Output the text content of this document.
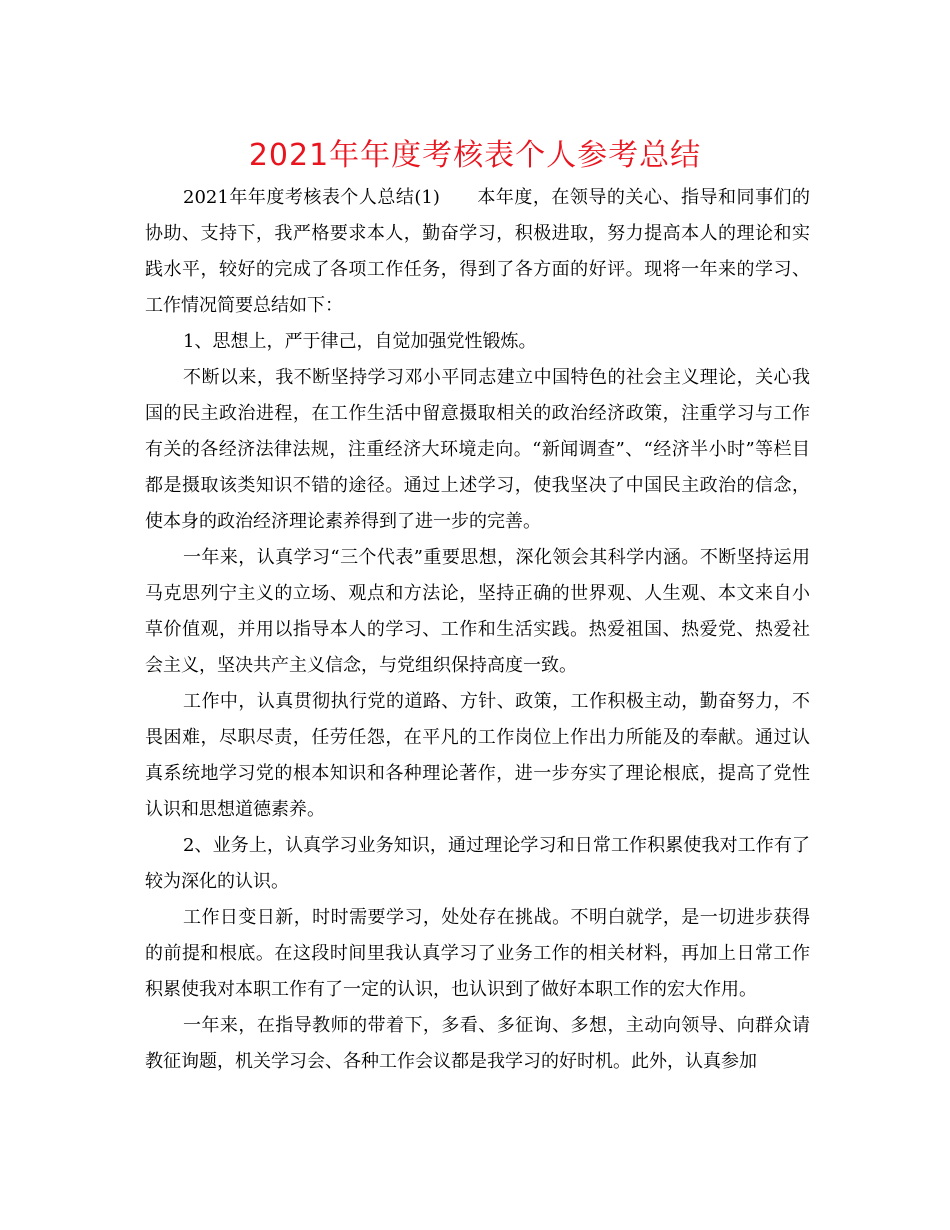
2021年年度考核表个人参考总结

2021年年度考核表个人总结(1)　　本年度，在领导的关心、指导和同事们的协助、支持下，我严格要求本人，勤奋学习，积极进取，努力提高本人的理论和实践水平，较好的完成了各项工作任务，得到了各方面的好评。现将一年来的学习、工作情况简要总结如下：

1、思想上，严于律己，自觉加强党性锻炼。

不断以来，我不断坚持学习邓小平同志建立中国特色的社会主义理论，关心我国的民主政治进程，在工作生活中留意摄取相关的政治经济政策，注重学习与工作有关的各经济法律法规，注重经济大环境走向。“新闻调查”、“经济半小时”等栏目都是摄取该类知识不错的途径。通过上述学习，使我坚决了中国民主政治的信念，使本身的政治经济理论素养得到了进一步的完善。

一年来，认真学习“三个代表”重要思想，深化领会其科学内涵。不断坚持运用马克思列宁主义的立场、观点和方法论，坚持正确的世界观、人生观、本文来自小草价值观，并用以指导本人的学习、工作和生活实践。热爱祖国、热爱党、热爱社会主义，坚决共产主义信念，与党组织保持高度一致。

工作中，认真贯彻执行党的道路、方针、政策，工作积极主动，勤奋努力，不畏困难，尽职尽责，任劳任怨，在平凡的工作岗位上作出力所能及的奉献。通过认真系统地学习党的根本知识和各种理论著作，进一步夯实了理论根底，提高了党性认识和思想道德素养。

2、业务上，认真学习业务知识，通过理论学习和日常工作积累使我对工作有了较为深化的认识。

工作日变日新，时时需要学习，处处存在挑战。不明白就学，是一切进步获得的前提和根底。在这段时间里我认真学习了业务工作的相关材料，再加上日常工作积累使我对本职工作有了一定的认识，也认识到了做好本职工作的宏大作用。

一年来，在指导教师的带着下，多看、多征询、多想，主动向领导、向群众请教征询题，机关学习会、各种工作会议都是我学习的好时机。此外，认真参加
